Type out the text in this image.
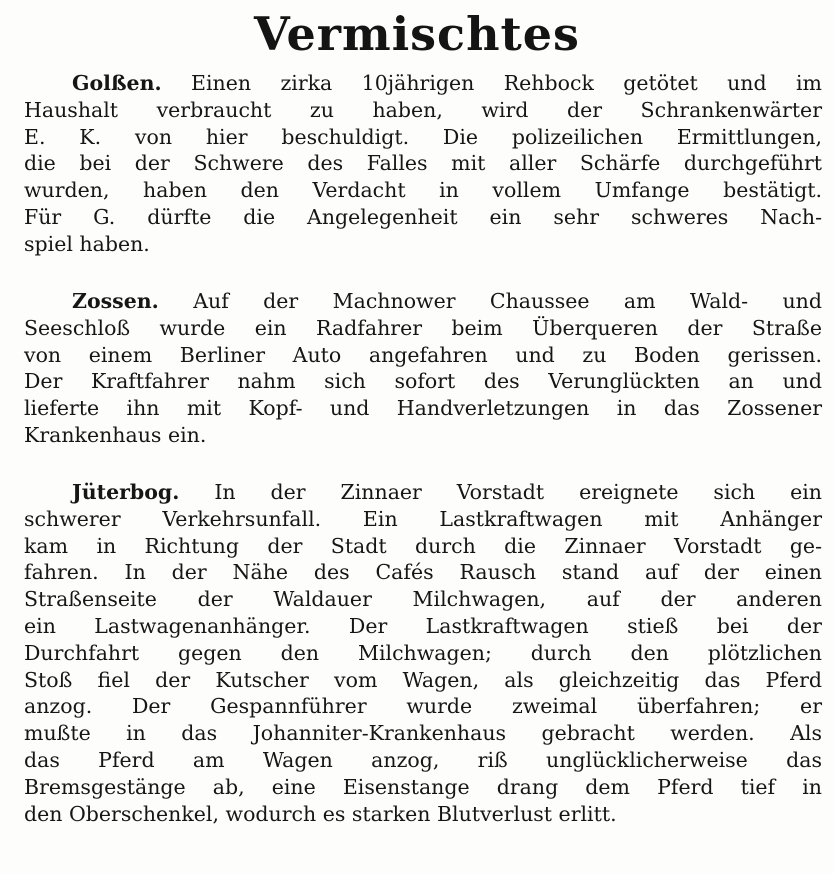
Vermischtes

Golßen. Einen zirka 10jährigen Rehbock getötet und im
Haushalt verbraucht zu haben, wird der Schrankenwärter
E. K. von hier beschuldigt. Die polizeilichen Ermittlungen,
die bei der Schwere des Falles mit aller Schärfe durchgeführt
wurden, haben den Verdacht in vollem Umfange bestätigt.
Für G. dürfte die Angelegenheit ein sehr schweres Nach-
spiel haben.

Zossen. Auf der Machnower Chaussee am Wald- und
Seeschloß wurde ein Radfahrer beim Überqueren der Straße
von einem Berliner Auto angefahren und zu Boden gerissen.
Der Kraftfahrer nahm sich sofort des Verunglückten an und
lieferte ihn mit Kopf- und Handverletzungen in das Zossener
Krankenhaus ein.

Jüterbog. In der Zinnaer Vorstadt ereignete sich ein
schwerer Verkehrsunfall. Ein Lastkraftwagen mit Anhänger
kam in Richtung der Stadt durch die Zinnaer Vorstadt ge-
fahren. In der Nähe des Cafés Rausch stand auf der einen
Straßenseite der Waldauer Milchwagen, auf der anderen
ein Lastwagenanhänger. Der Lastkraftwagen stieß bei der
Durchfahrt gegen den Milchwagen; durch den plötzlichen
Stoß fiel der Kutscher vom Wagen, als gleichzeitig das Pferd
anzog. Der Gespannführer wurde zweimal überfahren; er
mußte in das Johanniter-Krankenhaus gebracht werden. Als
das Pferd am Wagen anzog, riß unglücklicherweise das
Bremsgestänge ab, eine Eisenstange drang dem Pferd tief in
den Oberschenkel, wodurch es starken Blutverlust erlitt.
